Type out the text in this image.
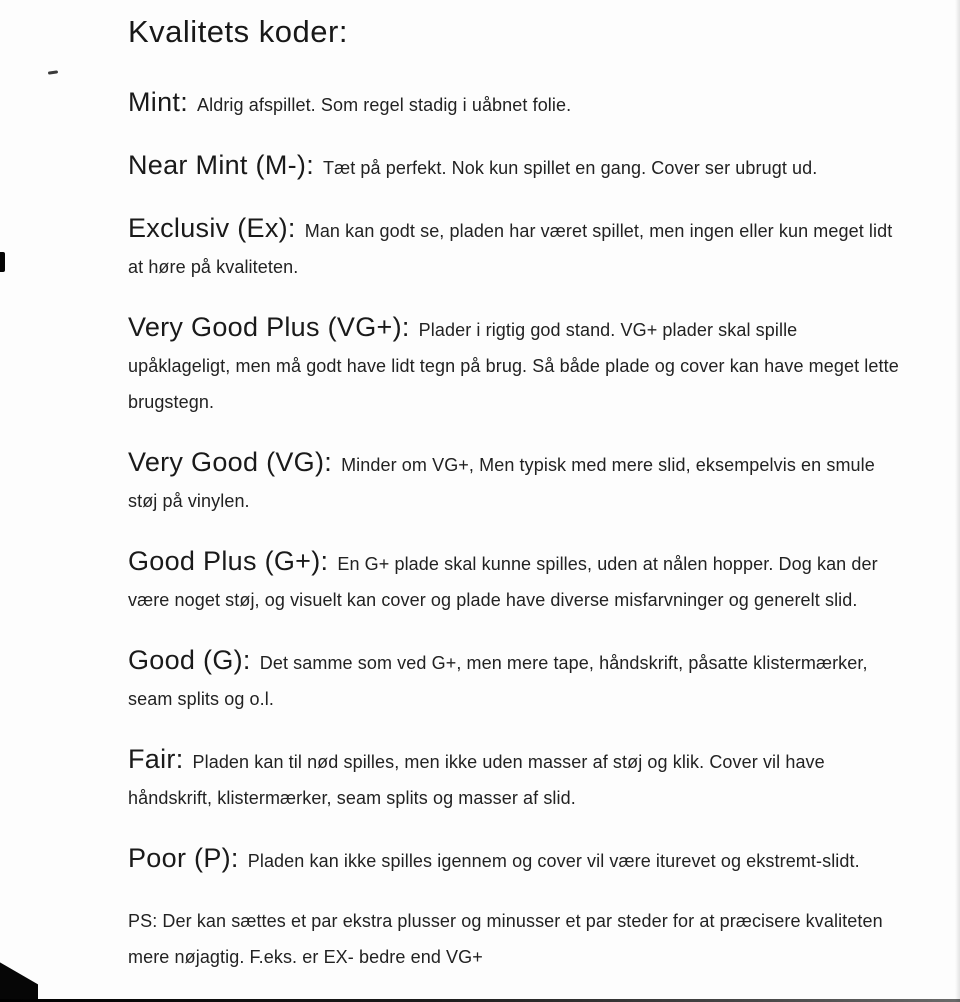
Kvalitets koder:

Mint: Aldrig afspillet. Som regel stadig i uåbnet folie.

Near Mint (M-): Tæt på perfekt. Nok kun spillet en gang. Cover ser ubrugt ud.

Exclusiv (Ex): Man kan godt se, pladen har været spillet, men ingen eller kun meget lidt at høre på kvaliteten.

Very Good Plus (VG+): Plader i rigtig god stand. VG+ plader skal spille upåklageligt, men må godt have lidt tegn på brug. Så både plade og cover kan have meget lette brugstegn.

Very Good (VG): Minder om VG+, Men typisk med mere slid, eksempelvis en smule støj på vinylen.

Good Plus (G+): En G+ plade skal kunne spilles, uden at nålen hopper. Dog kan der være noget støj, og visuelt kan cover og plade have diverse misfarvninger og generelt slid.

Good (G): Det samme som ved G+, men mere tape, håndskrift, påsatte klistermærker, seam splits og o.l.

Fair: Pladen kan til nød spilles, men ikke uden masser af støj og klik. Cover vil have håndskrift, klistermærker, seam splits og masser af slid.

Poor (P): Pladen kan ikke spilles igennem og cover vil være iturevet og ekstremt-slidt.

PS: Der kan sættes et par ekstra plusser og minusser et par steder for at præcisere kvaliteten mere nøjagtig. F.eks. er EX- bedre end VG+
